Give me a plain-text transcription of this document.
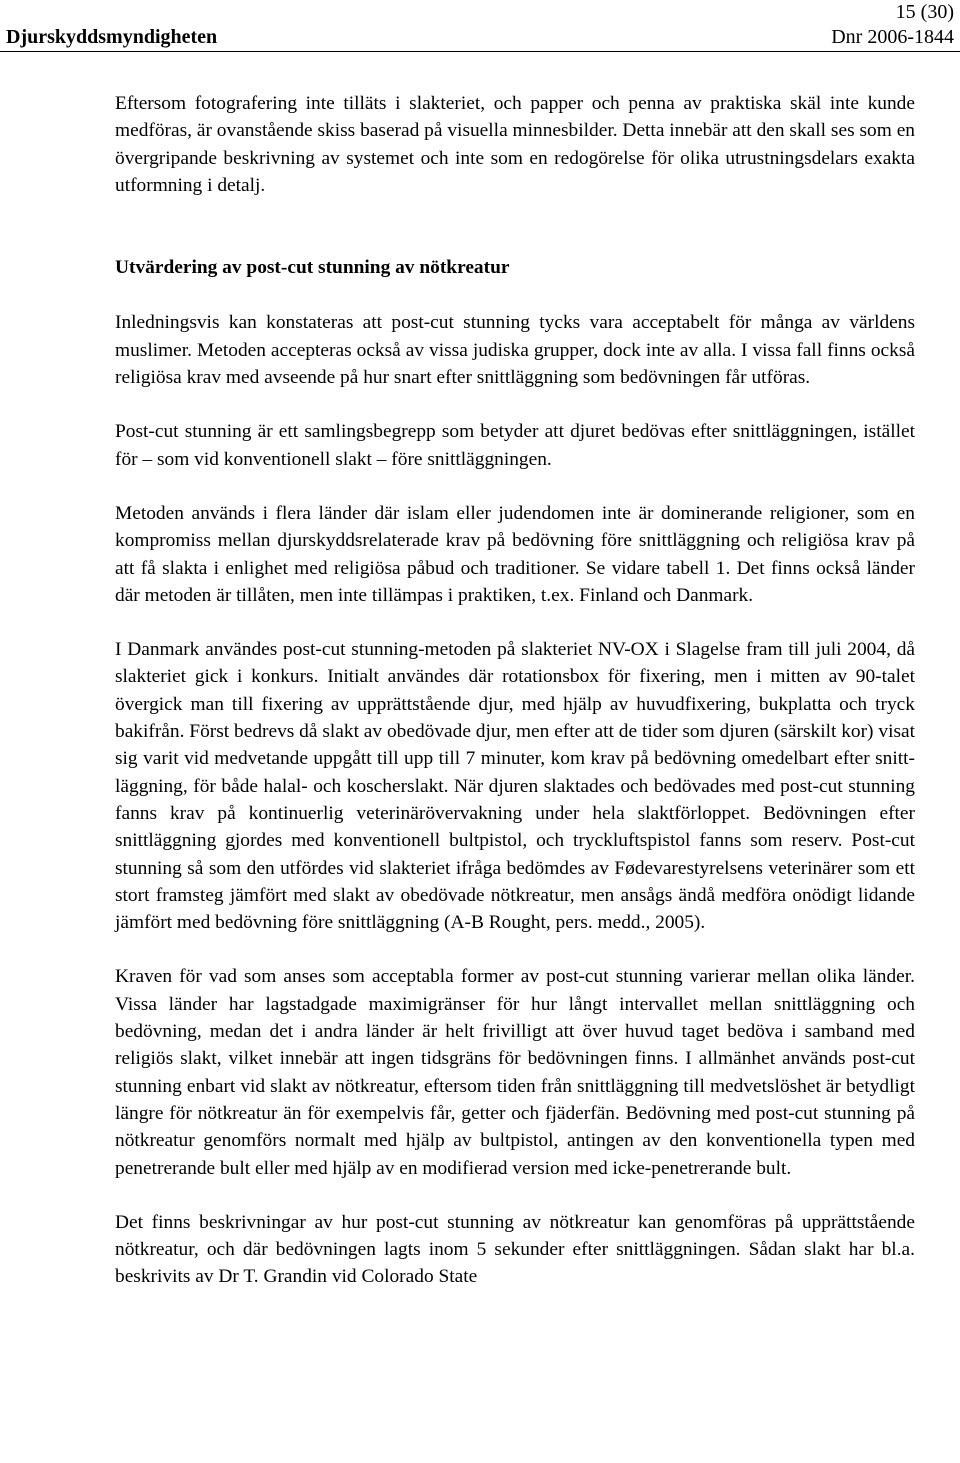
15 (30)
Djurskyddsmyndigheten	Dnr 2006-1844

Eftersom fotografering inte tilläts i slakteriet, och papper och penna av praktiska skäl inte kunde medföras, är ovanstående skiss baserad på visuella minnesbilder. Detta innebär att den skall ses som en övergripande beskrivning av systemet och inte som en redogörelse för olika utrustningsdelars exakta utformning i detalj.

Utvärdering av post-cut stunning av nötkreatur

Inledningsvis kan konstateras att post-cut stunning tycks vara acceptabelt för många av världens muslimer. Metoden accepteras också av vissa judiska grupper, dock inte av alla. I vissa fall finns också religiösa krav med avseende på hur snart efter snittläggning som bedövningen får utföras.

Post-cut stunning är ett samlingsbegrepp som betyder att djuret bedövas efter snittläggningen, istället för – som vid konventionell slakt – före snittläggningen.

Metoden används i flera länder där islam eller judendomen inte är dominerande religioner, som en kompromiss mellan djurskyddsrelaterade krav på bedövning före snittläggning och religiösa krav på att få slakta i enlighet med religiösa påbud och traditioner. Se vidare tabell 1. Det finns också länder där metoden är tillåten, men inte tillämpas i praktiken, t.ex. Finland och Danmark.

I Danmark användes post-cut stunning-metoden på slakteriet NV-OX i Slagelse fram till juli 2004, då slakteriet gick i konkurs. Initialt användes där rotationsbox för fixering, men i mitten av 90-talet övergick man till fixering av upprättstående djur, med hjälp av huvudfixering, bukplatta och tryck bakifrån. Först bedrevs då slakt av obedövade djur, men efter att de tider som djuren (särskilt kor) visat sig varit vid medvetande uppgått till upp till 7 minuter, kom krav på bedövning omedelbart efter snittläggning, för både halal- och koscherslakt. När djuren slaktades och bedövades med post-cut stunning fanns krav på kontinuerlig veterinärövervakning under hela slaktförloppet. Bedövningen efter snittläggning gjordes med konventionell bultpistol, och tryckluftspistol fanns som reserv. Post-cut stunning så som den utfördes vid slakteriet ifråga bedömdes av Fødevarestyrelsens veterinärer som ett stort framsteg jämfört med slakt av obedövade nötkreatur, men ansågs ändå medföra onödigt lidande jämfört med bedövning före snittläggning (A-B Rought, pers. medd., 2005).

Kraven för vad som anses som acceptabla former av post-cut stunning varierar mellan olika länder. Vissa länder har lagstadgade maximigränser för hur långt intervallet mellan snittläggning och bedövning, medan det i andra länder är helt frivilligt att över huvud taget bedöva i samband med religiös slakt, vilket innebär att ingen tidsgräns för bedövningen finns. I allmänhet används post-cut stunning enbart vid slakt av nötkreatur, eftersom tiden från snittläggning till medvetslöshet är betydligt längre för nötkreatur än för exempelvis får, getter och fjäderfän. Bedövning med post-cut stunning på nötkreatur genomförs normalt med hjälp av bultpistol, antingen av den konventionella typen med penetrerande bult eller med hjälp av en modifierad version med icke-penetrerande bult.

Det finns beskrivningar av hur post-cut stunning av nötkreatur kan genomföras på upprättstående nötkreatur, och där bedövningen lagts inom 5 sekunder efter snittläggningen. Sådan slakt har bl.a. beskrivits av Dr T. Grandin vid Colorado State
